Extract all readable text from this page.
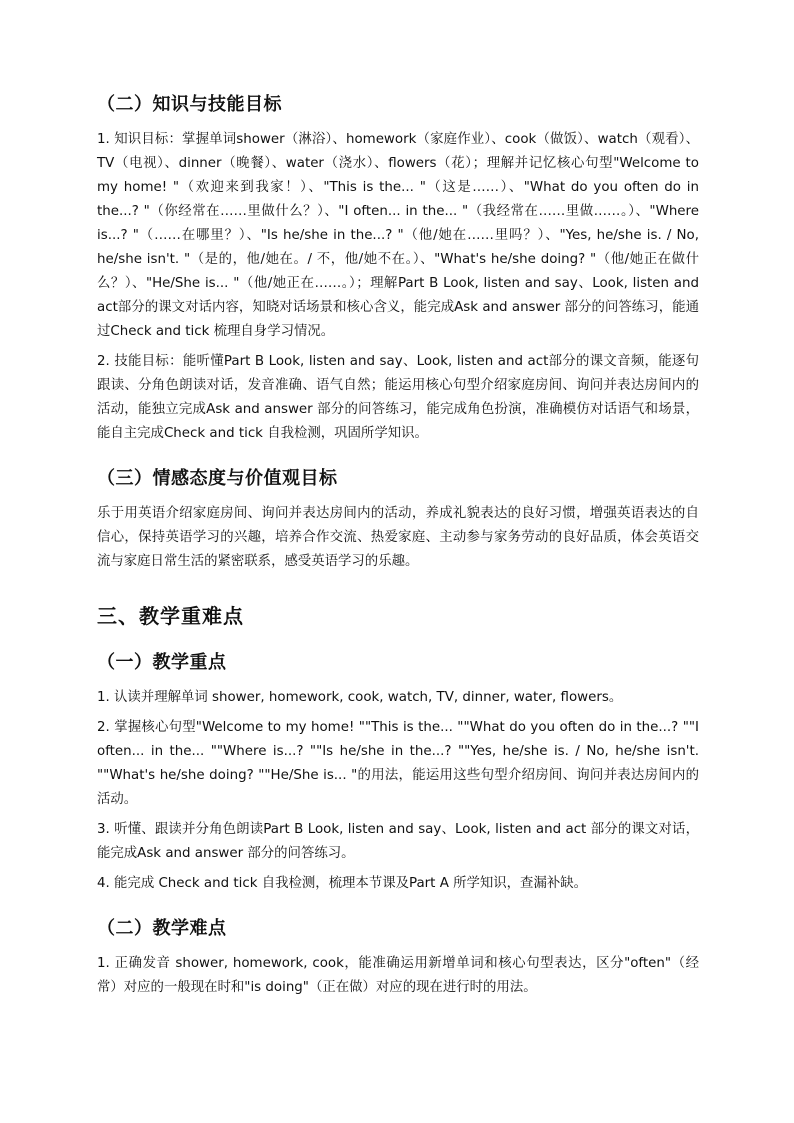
（二）知识与技能目标

1. 知识目标：掌握单词shower（淋浴）、homework（家庭作业）、cook（做饭）、watch（观看）、TV（电视）、dinner（晚餐）、water（浇水）、flowers（花）；理解并记忆核心句型"Welcome to my home! "（欢迎来到我家！）、"This is the... "（这是……）、"What do you often do in the...? "（你经常在……里做什么？）、"I often... in the... "（我经常在……里做……。）、"Where is...? "（……在哪里？）、"Is he/she in the...? "（他/她在……里吗？）、"Yes, he/she is. / No, he/she isn't. "（是的，他/她在。/ 不，他/她不在。）、"What's he/she doing? "（他/她正在做什么？）、"He/She is... "（他/她正在……。）；理解Part B Look, listen and say、Look, listen and act部分的课文对话内容，知晓对话场景和核心含义，能完成Ask and answer 部分的问答练习，能通过Check and tick 梳理自身学习情况。

2. 技能目标：能听懂Part B Look, listen and say、Look, listen and act部分的课文音频，能逐句跟读、分角色朗读对话，发音准确、语气自然；能运用核心句型介绍家庭房间、询问并表达房间内的活动，能独立完成Ask and answer 部分的问答练习，能完成角色扮演，准确模仿对话语气和场景，能自主完成Check and tick 自我检测，巩固所学知识。

（三）情感态度与价值观目标

乐于用英语介绍家庭房间、询问并表达房间内的活动，养成礼貌表达的良好习惯，增强英语表达的自信心，保持英语学习的兴趣，培养合作交流、热爱家庭、主动参与家务劳动的良好品质，体会英语交流与家庭日常生活的紧密联系，感受英语学习的乐趣。

三、教学重难点
（一）教学重点

1. 认读并理解单词 shower, homework, cook, watch, TV, dinner, water, flowers。

2. 掌握核心句型"Welcome to my home! ""This is the... ""What do you often do in the...? ""I often... in the... ""Where is...? ""Is he/she in the...? ""Yes, he/she is. / No, he/she isn't. ""What's he/she doing? ""He/She is... "的用法，能运用这些句型介绍房间、询问并表达房间内的活动。

3. 听懂、跟读并分角色朗读Part B Look, listen and say、Look, listen and act 部分的课文对话，能完成Ask and answer 部分的问答练习。

4. 能完成 Check and tick 自我检测，梳理本节课及Part A 所学知识，查漏补缺。

（二）教学难点

1. 正确发音 shower, homework, cook，能准确运用新增单词和核心句型表达，区分"often"（经常）对应的一般现在时和"is doing"（正在做）对应的现在进行时的用法。
